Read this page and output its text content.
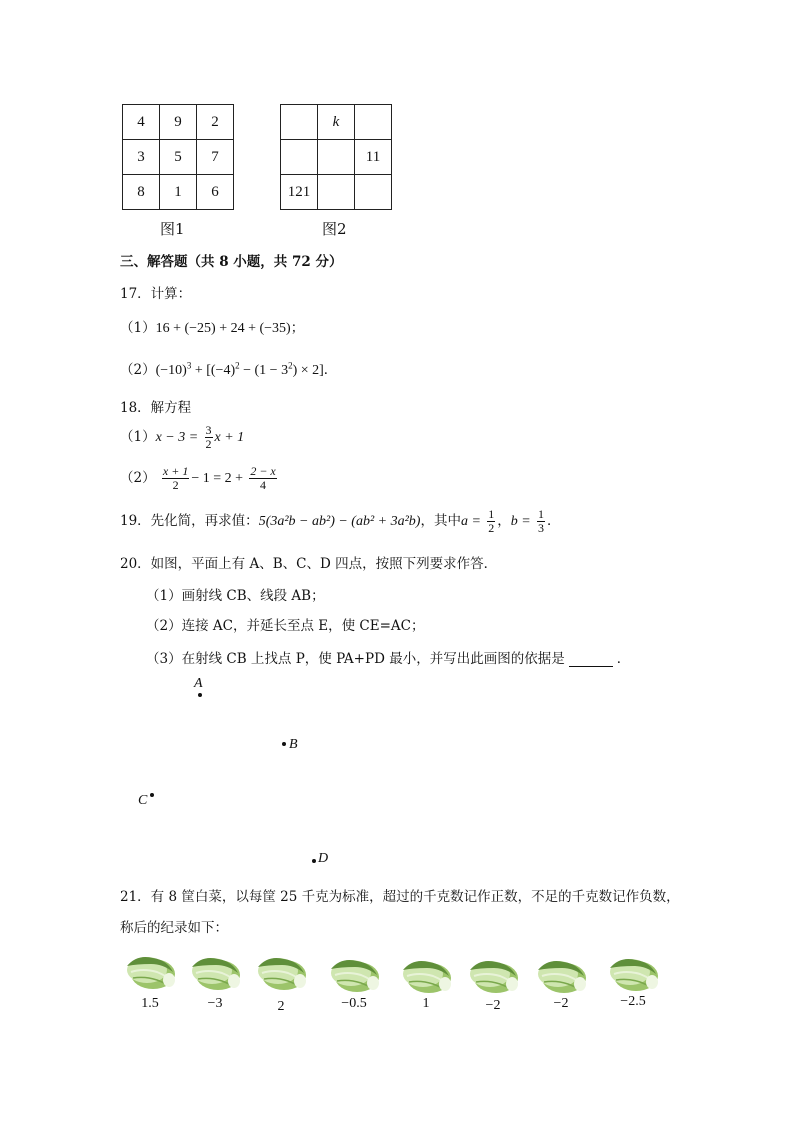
4	9	2
3	5	7
8	1	6
图1
	k	
		11
121		
图2
三、解答题（共 8 小题，共 72 分）
17．计算：
（1）16 + (−25) + 24 + (−35)；
$(2)(-10)^3 + [(-4)^2 - (1 - 3^2) \times 2]$．
18．解方程
$(1)x - 3 = \frac{3}{2}$ x + 1
$(2) \frac{x + 1}{2} - 1 = 2 + \frac{2 - x}{4}$
19．先化简，再求值：5(3a²b − ab²) − (ab² + 3a²b)，其中$a = \frac{1}{2}$ ，$b = \frac{1}{3}$ ．
20．如图，平面上有 A、B、C、D 四点，按照下列要求作答．
（1）画射线 CB、线段 AB；
（2）连接 AC，并延长至点 E，使 CE=AC；
（3）在射线 CB 上找点 P，使 PA+PD 最小，并写出此画图的依据是	．
A
B
C
D
21．有 8 筐白菜，以每筐 25 千克为标准，超过的千克数记作正数，不足的千克数记作负数，
称后的纪录如下：
1.5	−3	2	−0.5	1	−2	−2	−2.5
